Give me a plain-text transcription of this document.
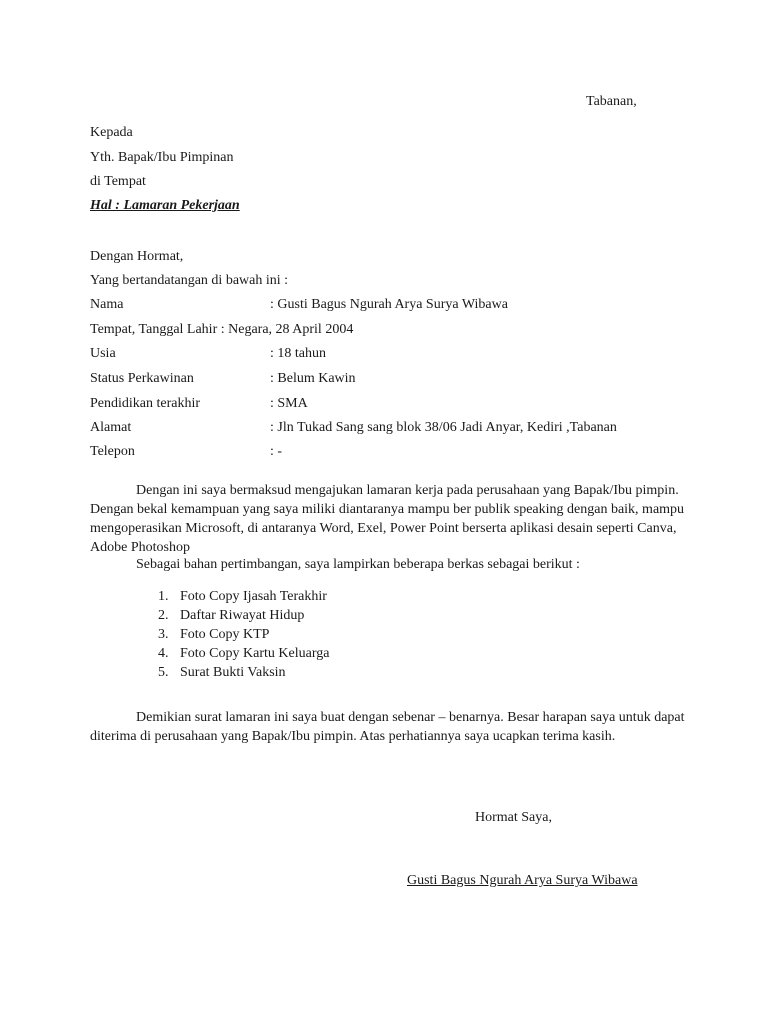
Tabanan,
Kepada
Yth. Bapak/Ibu Pimpinan
di Tempat
Hal : Lamaran Pekerjaan
Dengan Hormat,
Yang bertandatangan di bawah ini :
Nama	: Gusti Bagus Ngurah Arya Surya Wibawa
Tempat, Tanggal Lahir : Negara, 28 April 2004
Usia	: 18 tahun
Status Perkawinan	: Belum Kawin
Pendidikan terakhir	: SMA
Alamat	: Jln Tukad Sang sang blok 38/06 Jadi Anyar, Kediri ,Tabanan
Telepon	: -

Dengan ini saya bermaksud mengajukan lamaran kerja pada perusahaan yang Bapak/Ibu pimpin. Dengan bekal kemampuan yang saya miliki diantaranya mampu ber publik speaking dengan baik, mampu mengoperasikan Microsoft, di antaranya Word, Exel, Power Point berserta aplikasi desain seperti Canva, Adobe Photoshop

Sebagai bahan pertimbangan, saya lampirkan beberapa berkas sebagai berikut :
1. Foto Copy Ijasah Terakhir
2. Daftar Riwayat Hidup
3. Foto Copy KTP
4. Foto Copy Kartu Keluarga
5. Surat Bukti Vaksin

Demikian surat lamaran ini saya buat dengan sebenar – benarnya. Besar harapan saya untuk dapat diterima di perusahaan yang Bapak/Ibu pimpin. Atas perhatiannya saya ucapkan terima kasih.

Hormat Saya,
Gusti Bagus Ngurah Arya Surya Wibawa
